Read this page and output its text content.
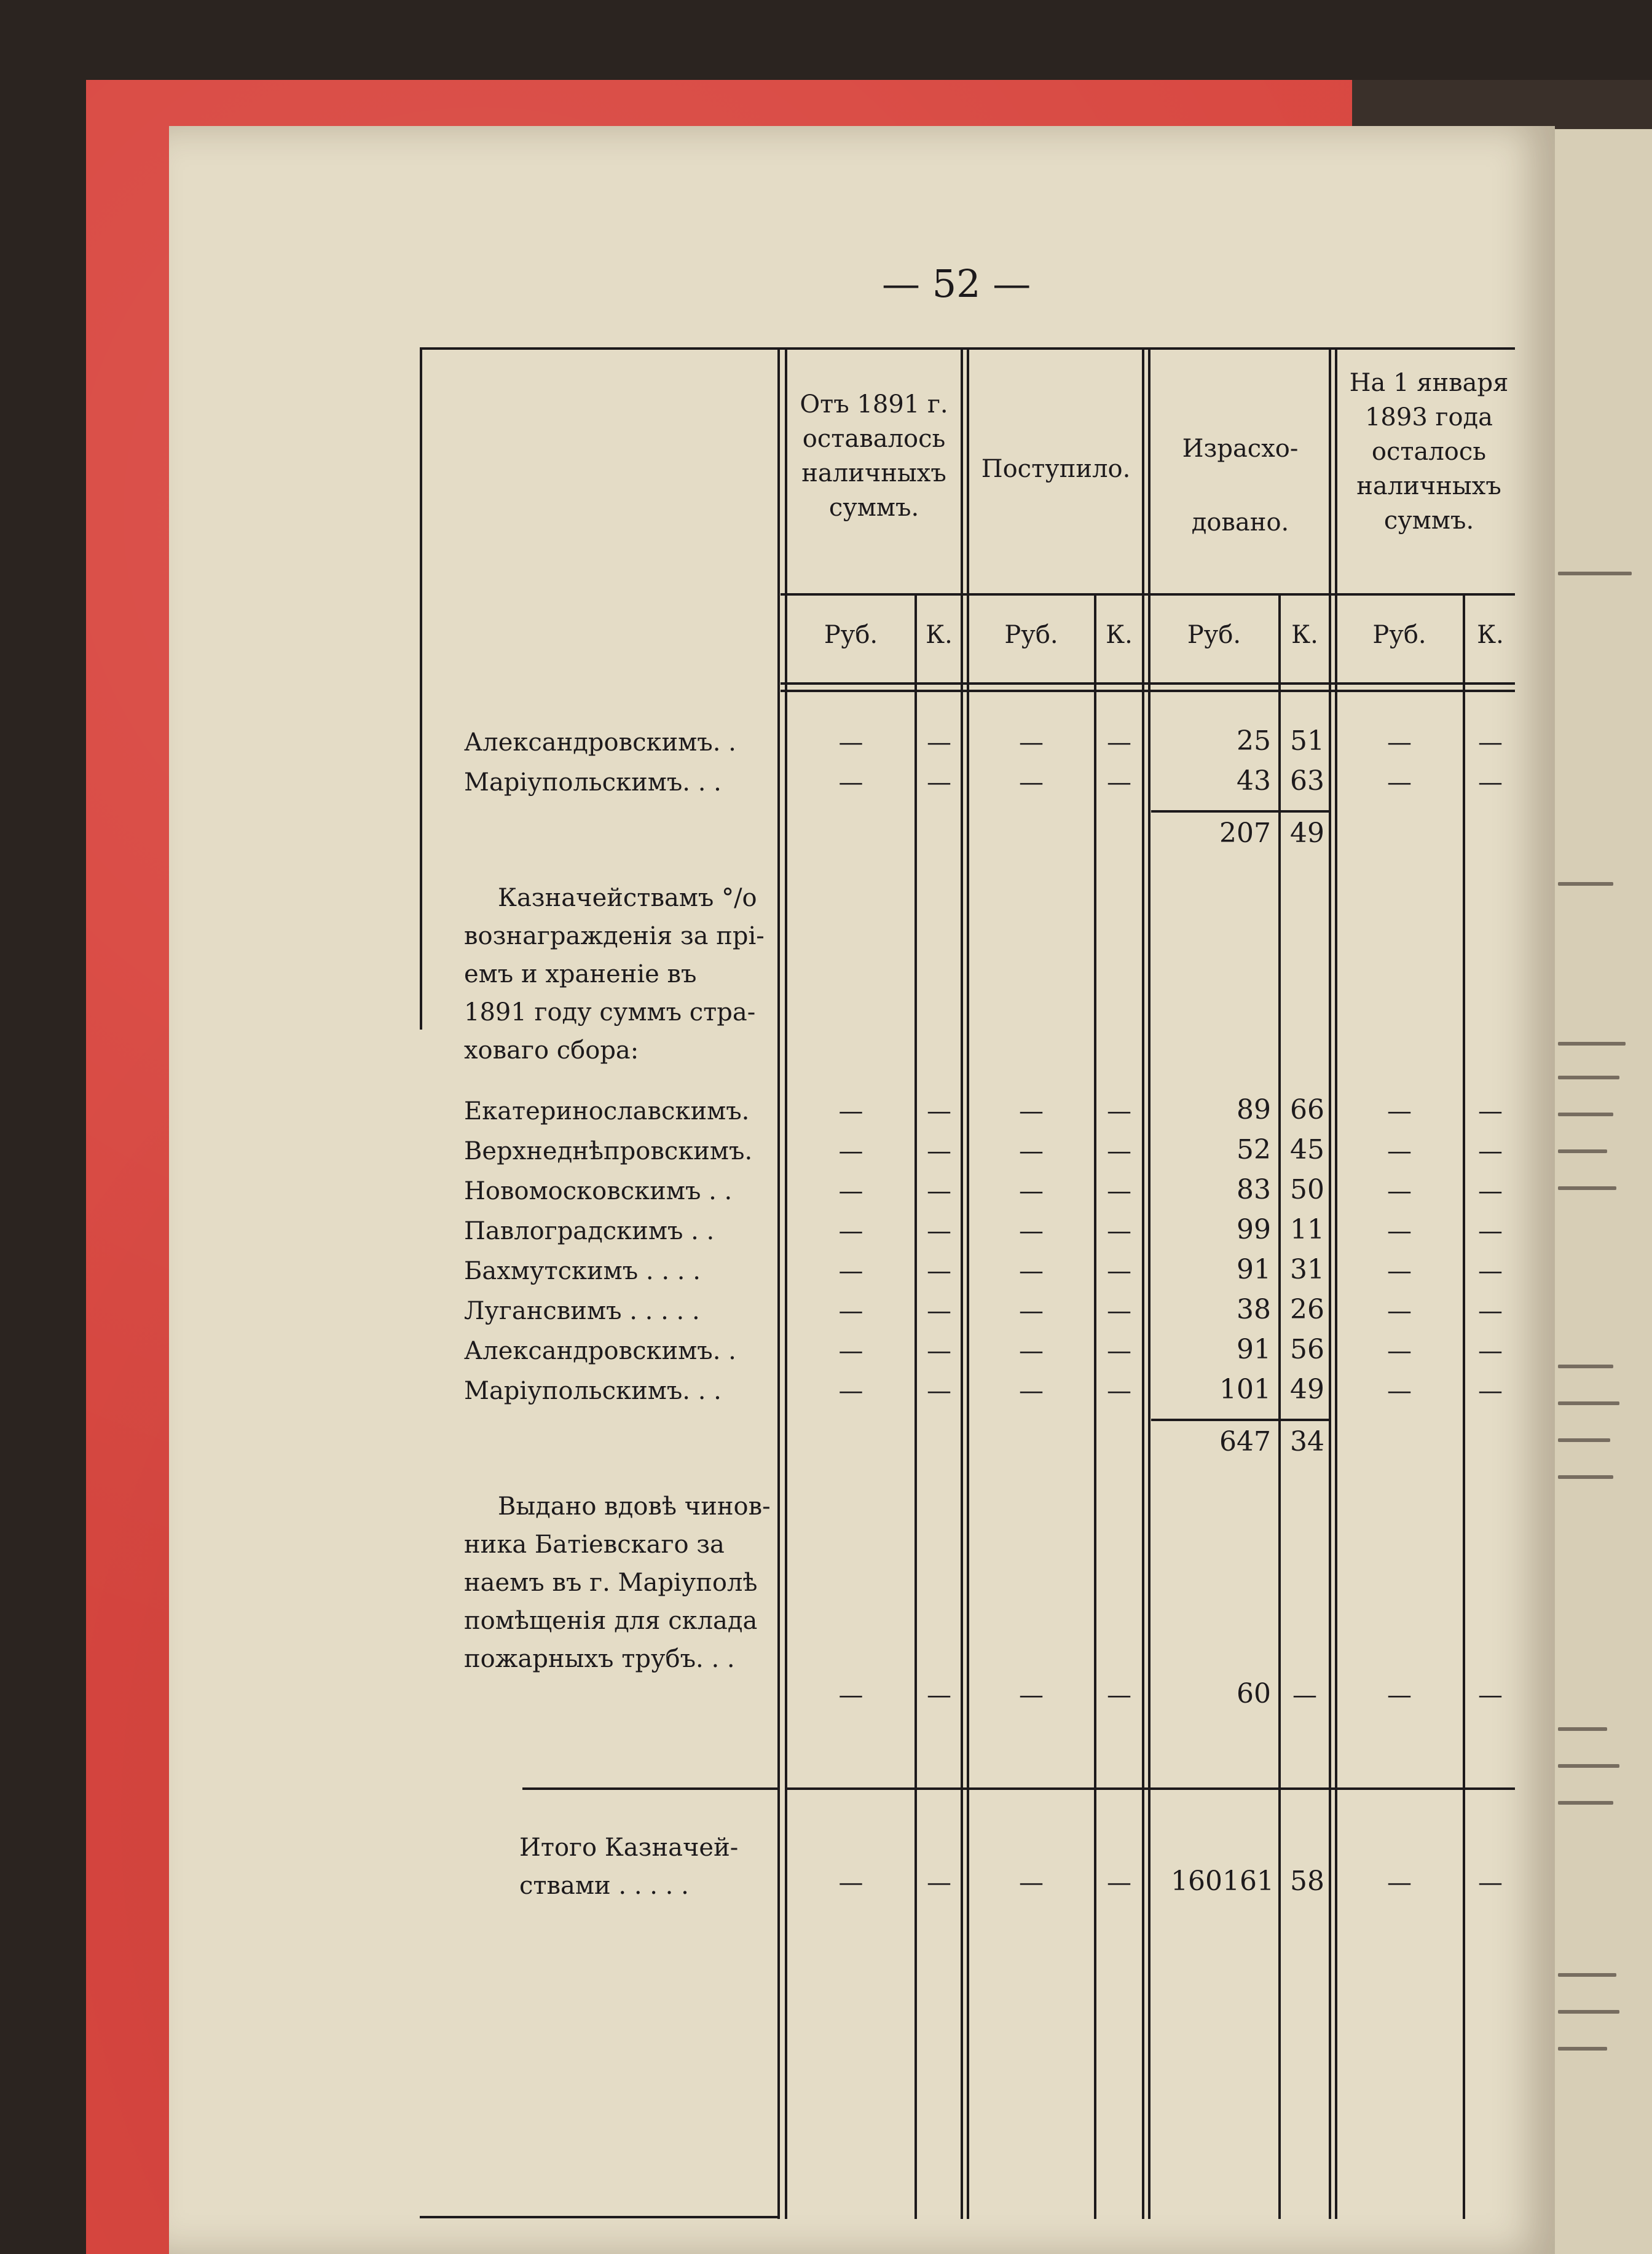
— 52 —
Отъ 1891 г.
оставалось
наличныхъ
суммъ.
Поступило.
Израсхо-
довано.
На 1 января
1893 года
осталось
наличныхъ
суммъ.
Руб.	К.	Руб.	К.	Руб.	К.	Руб.	К.
Александровскимъ. .	—	—	—	—	25 51	—	—
Маріупольскимъ. . .	—	—	—	—	43 63	—	—
207 49
Казначействамъ °/о
вознагражденія за прі-
емъ и храненіе въ
1891 году суммъ стра-
ховаго сбора:
Екатеринославскимъ.	—	—	—	—	89 66	—	—
Верхнеднѣпровскимъ.	—	—	—	—	52 45	—	—
Новомосковскимъ . .	—	—	—	—	83 50	—	—
Павлоградскимъ . .	—	—	—	—	99 11	—	—
Бахмутскимъ . . . .	—	—	—	—	91 31	—	—
Лугансвимъ . . . . .	—	—	—	—	38 26	—	—
Александровскимъ. .	—	—	—	—	91 56	—	—
Маріупольскимъ. . .	—	—	—	—	101 49	—	—
647 34
Выдано вдовѣ чинов-
ника Батіевскаго за
наемъ въ г. Маріуполѣ
помѣщенія для склада
пожарныхъ трубъ. . .
—	—	—	—	60 —	—	—
Итого Казначей-
ствами . . . . .	—	—	—	—	160161 58	—	—
